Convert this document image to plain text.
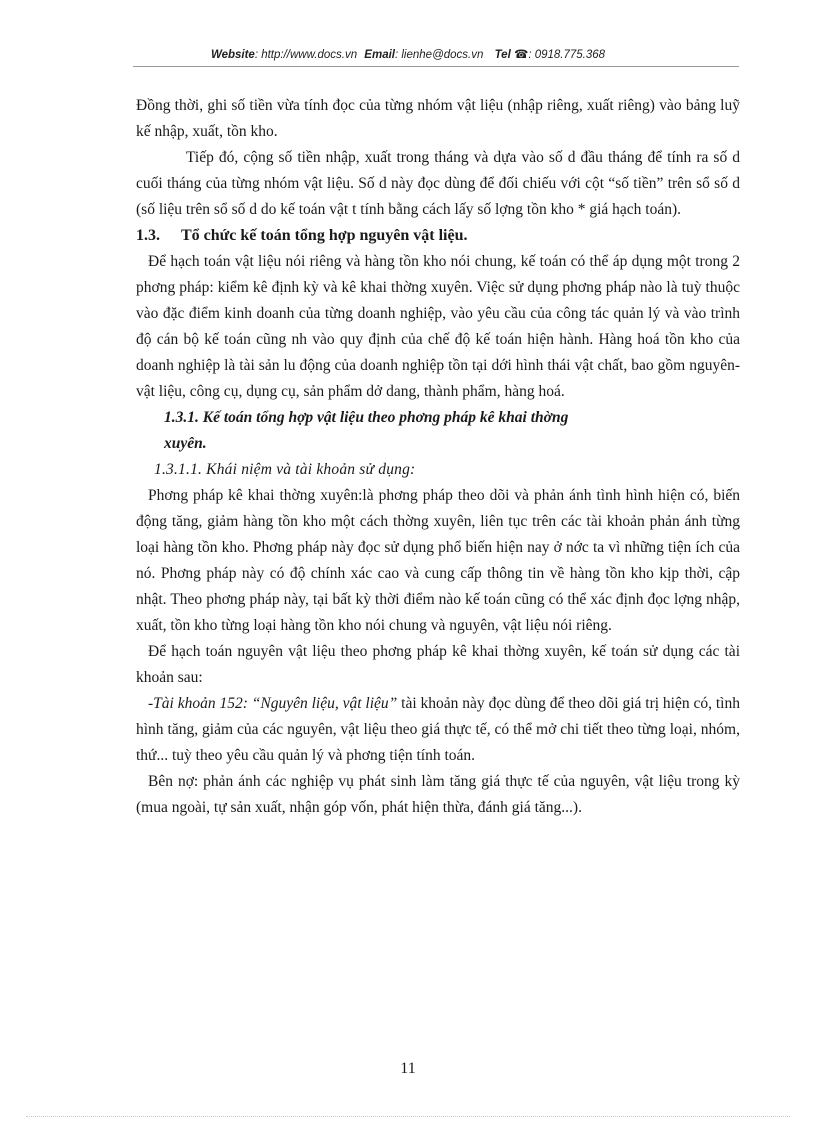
Website: http://www.docs.vn Email: lienhe@docs.vn Tel ☎: 0918.775.368

Đồng thời, ghi số tiền vừa tính đọc của từng nhóm vật liệu (nhập riêng, xuất riêng) vào bảng luỹ kế nhập, xuất, tồn kho.

Tiếp đó, cộng số tiền nhập, xuất trong tháng và dựa vào số d đầu tháng để tính ra số d cuối tháng của từng nhóm vật liệu. Số d này đọc dùng để đối chiếu với cột “số tiền” trên sổ số d (số liệu trên sổ số d do kế toán vật t tính bằng cách lấy số lợng tồn kho * giá hạch toán).

1.3. Tổ chức kế toán tổng hợp nguyên vật liệu.

Để hạch toán vật liệu nói riêng và hàng tồn kho nói chung, kế toán có thể áp dụng một trong 2 phơng pháp: kiểm kê định kỳ và kê khai thờng xuyên. Việc sử dụng phơng pháp nào là tuỳ thuộc vào đặc điểm kinh doanh của từng doanh nghiệp, vào yêu cầu của công tác quản lý và vào trình độ cán bộ kế toán cũng nh vào quy định của chế độ kế toán hiện hành. Hàng hoá tồn kho của doanh nghiệp là tài sản lu động của doanh nghiệp tồn tại dới hình thái vật chất, bao gồm nguyên-vật liệu, công cụ, dụng cụ, sản phẩm dở dang, thành phẩm, hàng hoá.

1.3.1. Kế toán tổng hợp vật liệu theo phơng pháp kê khai thờng
xuyên.

1.3.1.1. Khái niệm và tài khoản sử dụng:

Phơng pháp kê khai thờng xuyên:là phơng pháp theo dõi và phản ánh tình hình hiện có, biến động tăng, giảm hàng tồn kho một cách thờng xuyên, liên tục trên các tài khoản phản ánh từng loại hàng tồn kho. Phơng pháp này đọc sử dụng phổ biến hiện nay ở nớc ta vì những tiện ích của nó. Phơng pháp này có độ chính xác cao và cung cấp thông tin về hàng tồn kho kịp thời, cập nhật. Theo phơng pháp này, tại bất kỳ thời điểm nào kế toán cũng có thể xác định đọc lợng nhập, xuất, tồn kho từng loại hàng tồn kho nói chung và nguyên, vật liệu nói riêng.

Để hạch toán nguyên vật liệu theo phơng pháp kê khai thờng xuyên, kế toán sử dụng các tài khoản sau:

-Tài khoản 152: “Nguyên liệu, vật liệu” tài khoản này đọc dùng để theo dõi giá trị hiện có, tình hình tăng, giảm của các nguyên, vật liệu theo giá thực tế, có thể mở chi tiết theo từng loại, nhóm, thứ... tuỳ theo yêu cầu quản lý và phơng tiện tính toán.

Bên nợ: phản ánh các nghiệp vụ phát sinh làm tăng giá thực tế của nguyên, vật liệu trong kỳ (mua ngoài, tự sản xuất, nhận góp vốn, phát hiện thừa, đánh giá tăng...).

11
